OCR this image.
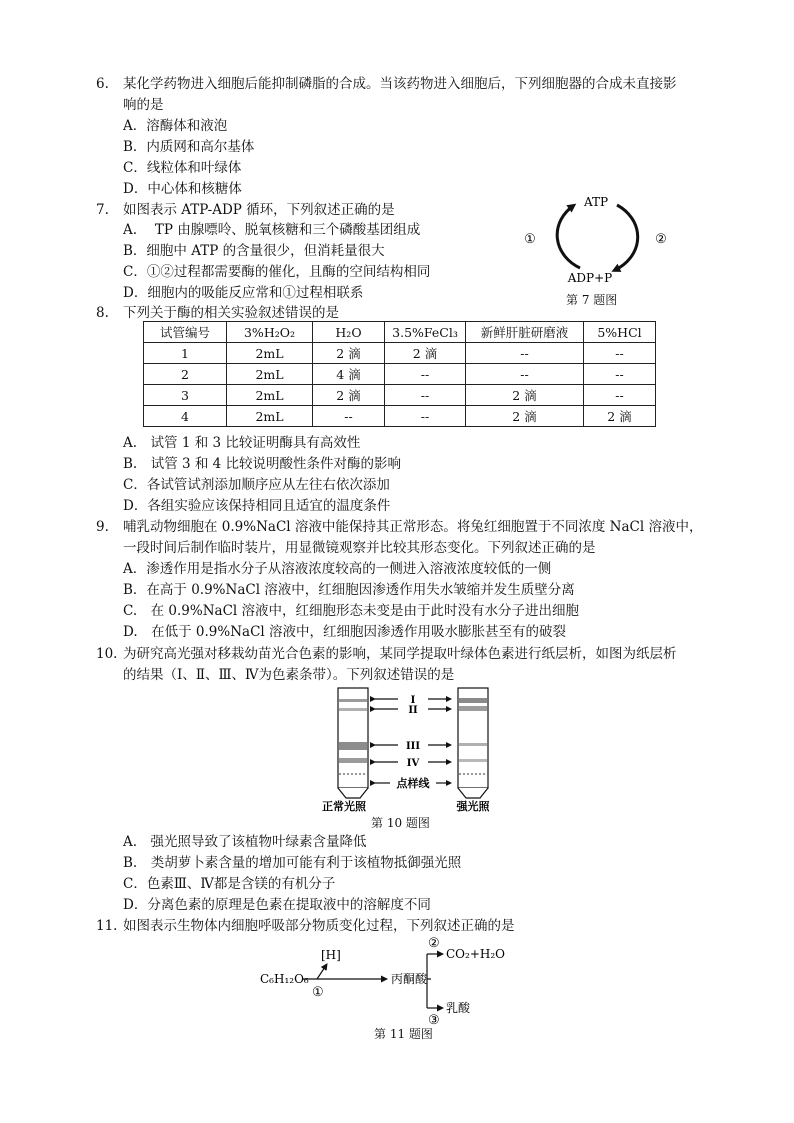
6. 某化学药物进入细胞后能抑制磷脂的合成。当该药物进入细胞后，下列细胞器的合成未直接影
响的是
A．溶酶体和液泡
B．内质网和高尔基体
C．线粒体和叶绿体
D．中心体和核糖体
7. 如图表示 ATP-ADP 循环，下列叙述正确的是
A.　 TP 由腺嘌呤、脱氧核糖和三个磷酸基团组成
B．细胞中 ATP 的含量很少，但消耗量很大
C．①②过程都需要酶的催化，且酶的空间结构相同
D．细胞内的吸能反应常和①过程相联系
ATP
ADP+P
①	②
第 7 题图
8. 下列关于酶的相关实验叙述错误的是
试管编号	3%H₂O₂	H₂O	3.5%FeCl₃	新鲜肝脏研磨液	5%HCl
1	2mL	2 滴	2 滴	--	--
2	2mL	4 滴	--	--	--
3	2mL	2 滴	--	2 滴	--
4	2mL	--	--	2 滴	2 滴
A.　试管 1 和 3 比较证明酶具有高效性
B.　试管 3 和 4 比较说明酸性条件对酶的影响
C．各试管试剂添加顺序应从左往右依次添加
D．各组实验应该保持相同且适宜的温度条件
9. 哺乳动物细胞在 0.9%NaCl 溶液中能保持其正常形态。将兔红细胞置于不同浓度 NaCl 溶液中，
一段时间后制作临时装片，用显微镜观察并比较其形态变化。下列叙述正确的是
A．渗透作用是指水分子从溶液浓度较高的一侧进入溶液浓度较低的一侧
B．在高于 0.9%NaCl 溶液中，红细胞因渗透作用失水皱缩并发生质壁分离
C.　在 0.9%NaCl 溶液中，红细胞形态未变是由于此时没有水分子进出细胞
D.　在低于 0.9%NaCl 溶液中，红细胞因渗透作用吸水膨胀甚至有的破裂
10. 为研究高光强对移栽幼苗光合色素的影响，某同学提取叶绿体色素进行纸层析，如图为纸层析
的结果（Ⅰ、Ⅱ、Ⅲ、Ⅳ为色素条带）。下列叙述错误的是
I
II
III
IV
点样线
正常光照	强光照
第 10 题图
A.　强光照导致了该植物叶绿素含量降低
B.　类胡萝卜素含量的增加可能有利于该植物抵御强光照
C．色素Ⅲ、Ⅳ都是含镁的有机分子
D．分离色素的原理是色素在提取液中的溶解度不同
11. 如图表示生物体内细胞呼吸部分物质变化过程，下列叙述正确的是
C₆H₁₂O₆
[H]
①
丙酮酸
②
CO₂+H₂O
③
乳酸
第 11 题图
